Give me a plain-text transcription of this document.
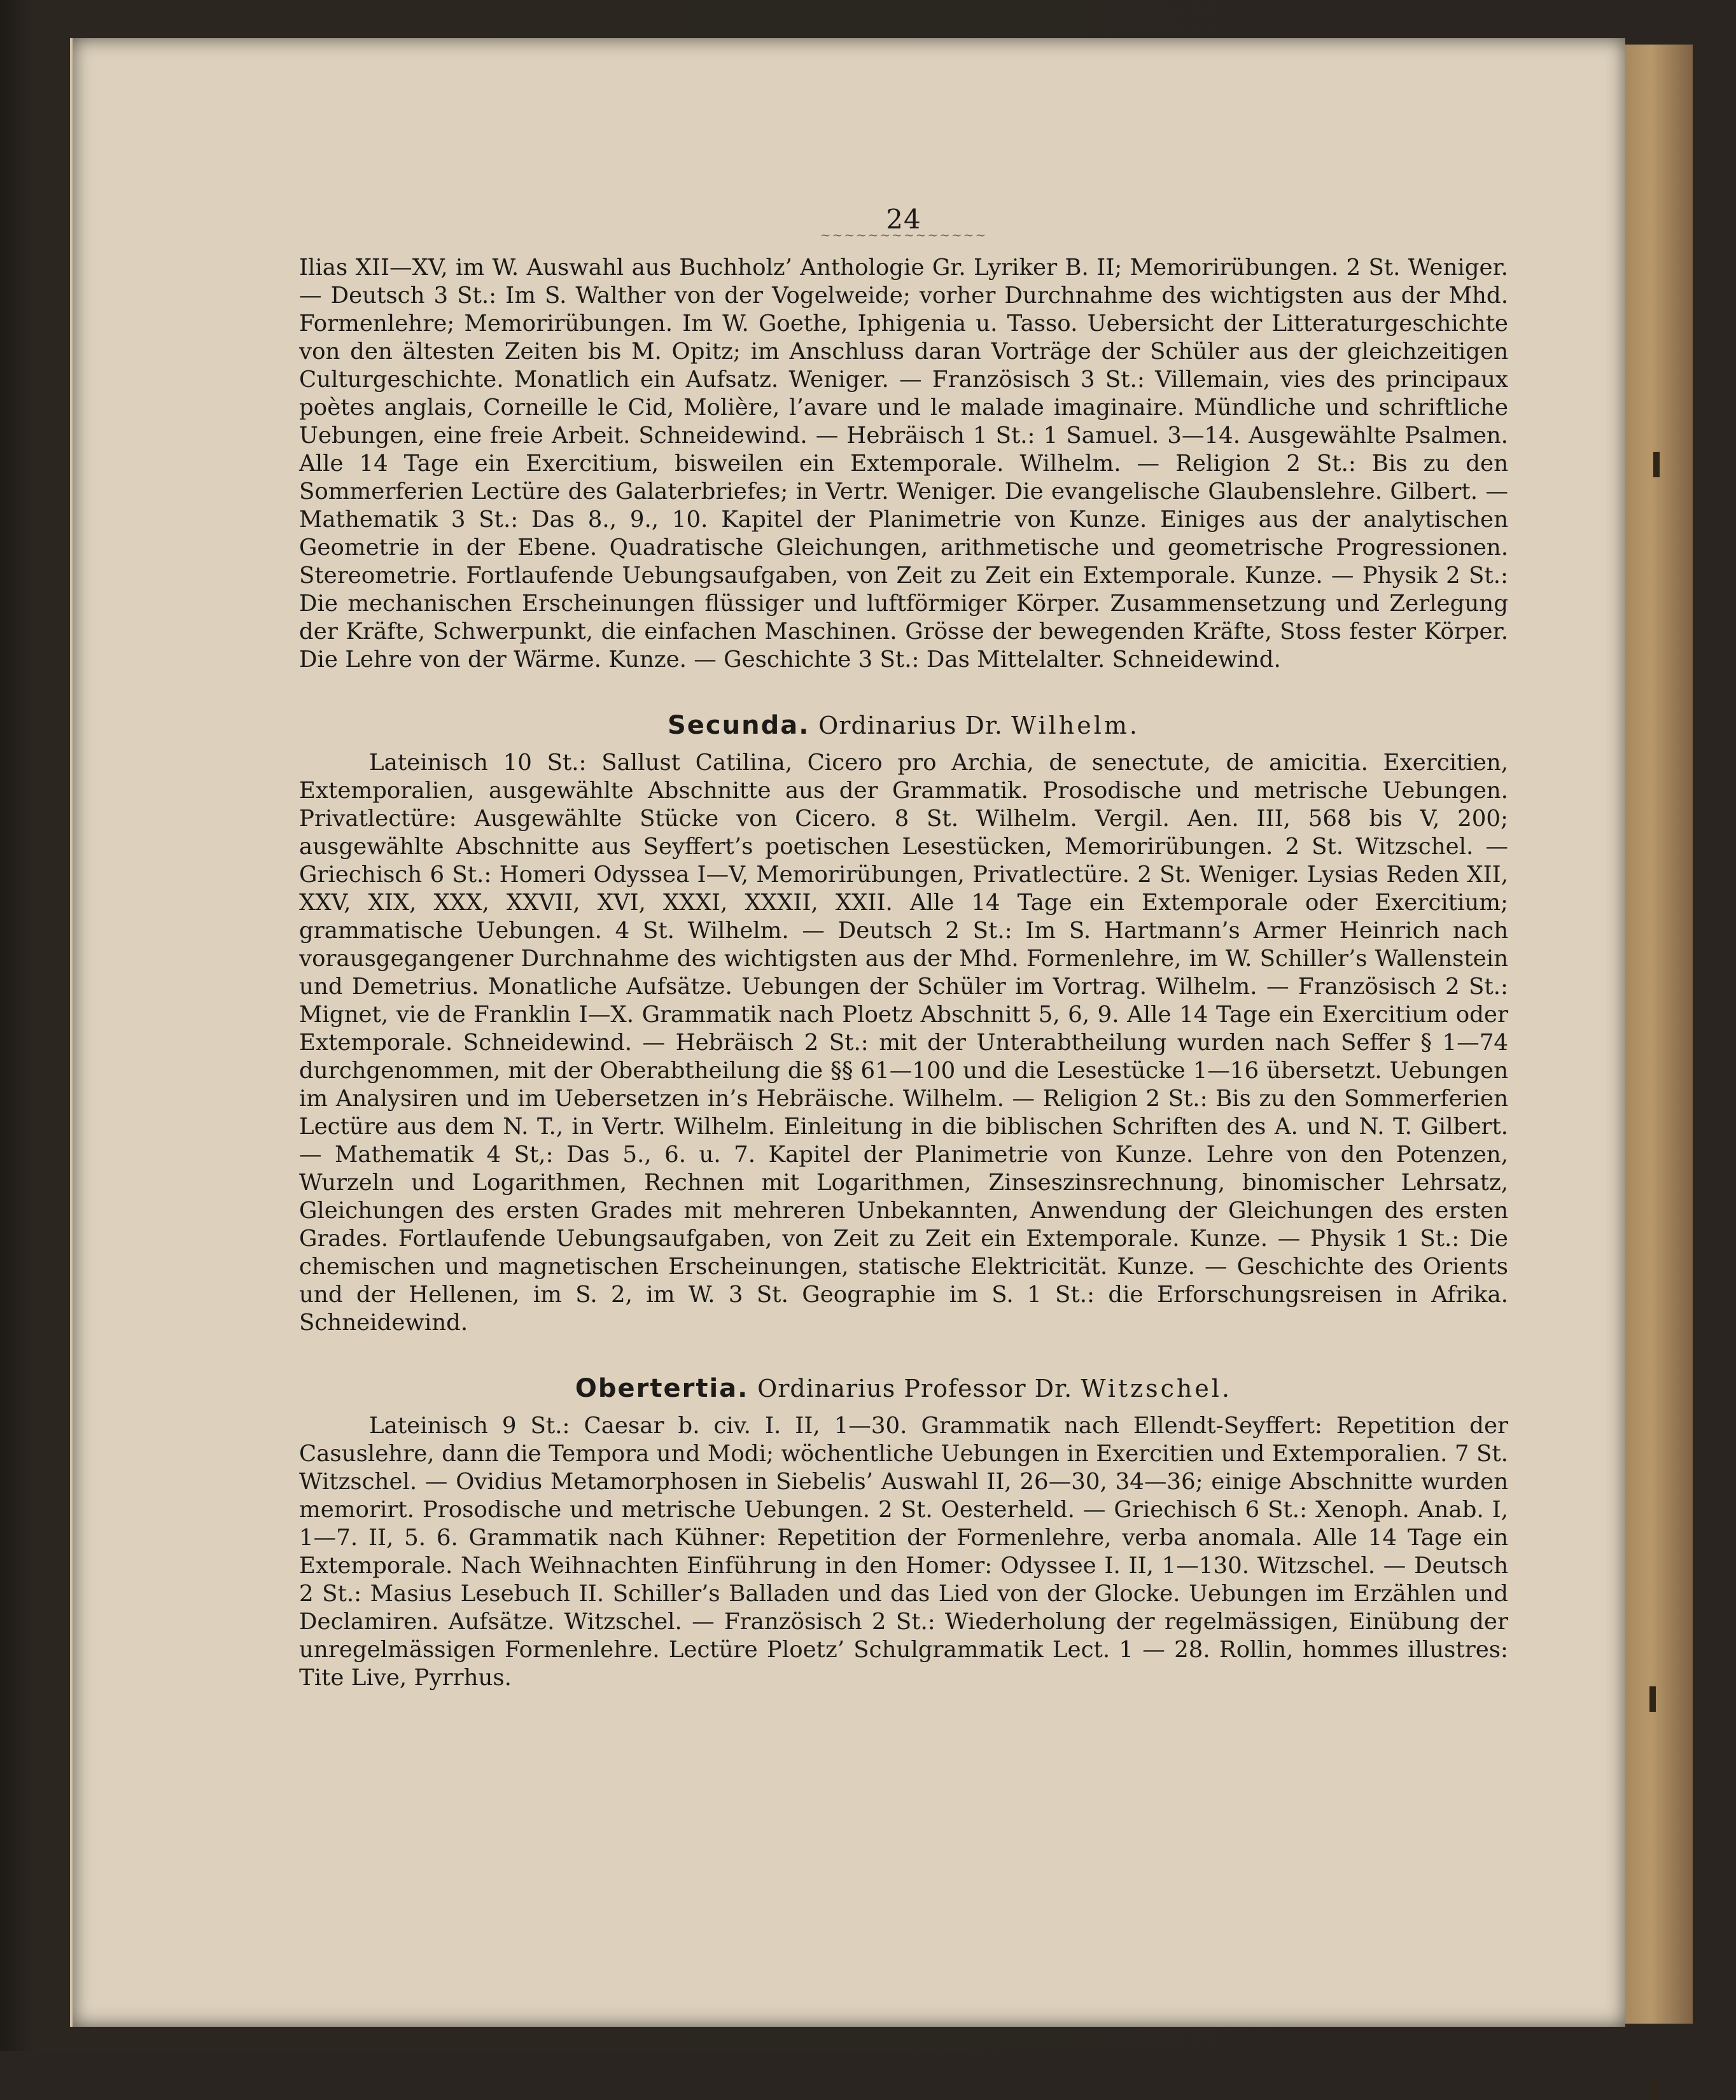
24
~~~~~~~~~~~~~~

Ilias XII—XV, im W. Auswahl aus Buchholz’ Anthologie Gr. Lyriker B. II; Memorirübungen. 2 St. Weniger. — Deutsch 3 St.: Im S. Walther von der Vogelweide; vorher Durchnahme des wichtigsten aus der Mhd. Formenlehre; Memorirübungen. Im W. Goethe, Iphigenia u. Tasso. Uebersicht der Litteraturgeschichte von den ältesten Zeiten bis M. Opitz; im Anschluss daran Vorträge der Schüler aus der gleichzeitigen Culturgeschichte. Monatlich ein Aufsatz. Weniger. — Französisch 3 St.: Villemain, vies des principaux poètes anglais, Corneille le Cid, Molière, l’avare und le malade imaginaire. Mündliche und schriftliche Uebungen, eine freie Arbeit. Schneidewind. — Hebräisch 1 St.: 1 Samuel. 3—14. Ausgewählte Psalmen. Alle 14 Tage ein Exercitium, bisweilen ein Extemporale. Wilhelm. — Religion 2 St.: Bis zu den Sommerferien Lectüre des Galaterbriefes; in Vertr. Weniger. Die evangelische Glaubenslehre. Gilbert. — Mathematik 3 St.: Das 8., 9., 10. Kapitel der Planimetrie von Kunze. Einiges aus der analytischen Geometrie in der Ebene. Quadratische Gleichungen, arithmetische und geometrische Progressionen. Stereometrie. Fortlaufende Uebungsaufgaben, von Zeit zu Zeit ein Extemporale. Kunze. — Physik 2 St.: Die mechanischen Erscheinungen flüssiger und luftförmiger Körper. Zusammensetzung und Zerlegung der Kräfte, Schwerpunkt, die einfachen Maschinen. Grösse der bewegenden Kräfte, Stoss fester Körper. Die Lehre von der Wärme. Kunze. — Geschichte 3 St.: Das Mittelalter. Schneidewind.

Secunda. Ordinarius Dr. Wilhelm.

Lateinisch 10 St.: Sallust Catilina, Cicero pro Archia, de senectute, de amicitia. Exercitien, Extemporalien, ausgewählte Abschnitte aus der Grammatik. Prosodische und metrische Uebungen. Privatlectüre: Ausgewählte Stücke von Cicero. 8 St. Wilhelm. Vergil. Aen. III, 568 bis V, 200; ausgewählte Abschnitte aus Seyffert’s poetischen Lesestücken, Memorirübungen. 2 St. Witzschel. — Griechisch 6 St.: Homeri Odyssea I—V, Memorirübungen, Privatlectüre. 2 St. Weniger. Lysias Reden XII, XXV, XIX, XXX, XXVII, XVI, XXXI, XXXII, XXII. Alle 14 Tage ein Extemporale oder Exercitium; grammatische Uebungen. 4 St. Wilhelm. — Deutsch 2 St.: Im S. Hartmann’s Armer Heinrich nach vorausgegangener Durchnahme des wichtigsten aus der Mhd. Formenlehre, im W. Schiller’s Wallenstein und Demetrius. Monatliche Aufsätze. Uebungen der Schüler im Vortrag. Wilhelm. — Französisch 2 St.: Mignet, vie de Franklin I—X. Grammatik nach Ploetz Abschnitt 5, 6, 9. Alle 14 Tage ein Exercitium oder Extemporale. Schneidewind. — Hebräisch 2 St.: mit der Unterabtheilung wurden nach Seffer § 1—74 durchgenommen, mit der Oberabtheilung die §§ 61—100 und die Lesestücke 1—16 übersetzt. Uebungen im Analysiren und im Uebersetzen in’s Hebräische. Wilhelm. — Religion 2 St.: Bis zu den Sommerferien Lectüre aus dem N. T., in Vertr. Wilhelm. Einleitung in die biblischen Schriften des A. und N. T. Gilbert. — Mathematik 4 St,: Das 5., 6. u. 7. Kapitel der Planimetrie von Kunze. Lehre von den Potenzen, Wurzeln und Logarithmen, Rechnen mit Logarithmen, Zinseszinsrechnung, binomischer Lehrsatz, Gleichungen des ersten Grades mit mehreren Unbekannten, Anwendung der Gleichungen des ersten Grades. Fortlaufende Uebungsaufgaben, von Zeit zu Zeit ein Extemporale. Kunze. — Physik 1 St.: Die chemischen und magnetischen Erscheinungen, statische Elektricität. Kunze. — Geschichte des Orients und der Hellenen, im S. 2, im W. 3 St. Geographie im S. 1 St.: die Erforschungsreisen in Afrika. Schneidewind.

Obertertia. Ordinarius Professor Dr. Witzschel.

Lateinisch 9 St.: Caesar b. civ. I. II, 1—30. Grammatik nach Ellendt-Seyffert: Repetition der Casuslehre, dann die Tempora und Modi; wöchentliche Uebungen in Exercitien und Extemporalien. 7 St. Witzschel. — Ovidius Metamorphosen in Siebelis’ Auswahl II, 26—30, 34—36; einige Abschnitte wurden memorirt. Prosodische und metrische Uebungen. 2 St. Oesterheld. — Griechisch 6 St.: Xenoph. Anab. I, 1—7. II, 5. 6. Grammatik nach Kühner: Repetition der Formenlehre, verba anomala. Alle 14 Tage ein Extemporale. Nach Weihnachten Einführung in den Homer: Odyssee I. II, 1—130. Witzschel. — Deutsch 2 St.: Masius Lesebuch II. Schiller’s Balladen und das Lied von der Glocke. Uebungen im Erzählen und Declamiren. Aufsätze. Witzschel. — Französisch 2 St.: Wiederholung der regelmässigen, Einübung der unregelmässigen Formenlehre. Lectüre Ploetz’ Schulgrammatik Lect. 1 — 28. Rollin, hommes illustres: Tite Live, Pyrrhus.
